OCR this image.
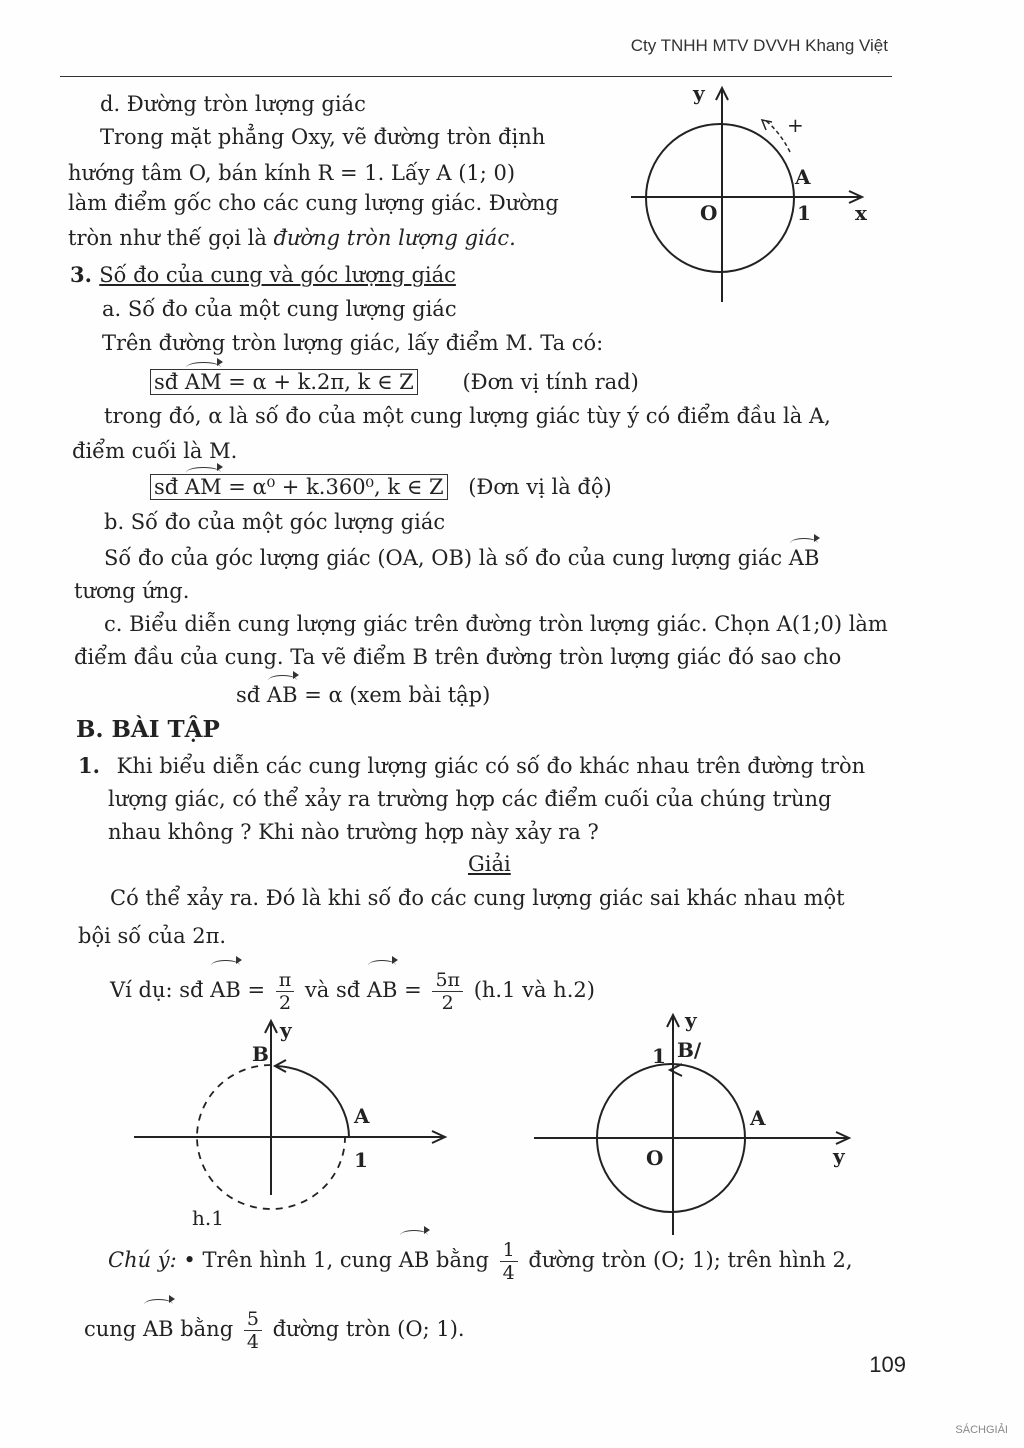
Cty TNHH MTV DVVH Khang Việt
d. Đường tròn lượng giác
Trong mặt phẳng Oxy, vẽ đường tròn định
hướng tâm O, bán kính R = 1. Lấy A (1; 0)
làm điểm gốc cho các cung lượng giác. Đường
tròn như thế gọi là đường tròn lượng giác.
+
y
x
O
A
1
3. Số đo của cung và góc lượng giác
a. Số đo của một cung lượng giác
Trên đường tròn lượng giác, lấy điểm M. Ta có:
sđ AM = α + k.2π, k ∈ Z (Đơn vị tính rad)
trong đó, α là số đo của một cung lượng giác tùy ý có điểm đầu là A,
điểm cuối là M.
sđ AM = α⁰ + k.360⁰, k ∈ Z (Đơn vị là độ)
b. Số đo của một góc lượng giác
Số đo của góc lượng giác (OA, OB) là số đo của cung lượng giác AB
tương ứng.
c. Biểu diễn cung lượng giác trên đường tròn lượng giác. Chọn A(1;0) làm
điểm đầu của cung. Ta vẽ điểm B trên đường tròn lượng giác đó sao cho
sđ AB = α (xem bài tập)
B. BÀI TẬP
1. Khi biểu diễn các cung lượng giác có số đo khác nhau trên đường tròn
lượng giác, có thể xảy ra trường hợp các điểm cuối của chúng trùng
nhau không ? Khi nào trường hợp này xảy ra ?
Giải
Có thể xảy ra. Đó là khi số đo các cung lượng giác sai khác nhau một
bội số của 2π.
Ví dụ: sđ AB = $\frac{\pi}{2}$ và sđ AB = $\frac{5\pi}{2} (h.1$ và h.2)
y
B
A
1
h.1
y
1 B/
A
O	y
Chú ý: • Trên hình 1, cung AB bằng $\frac{1}{4}$ đường tròn (O; 1); trên hình 2,
cung AB bằng $\frac{5}{4}$ đường tròn (O; 1).
109
SÁCHGIẢI
